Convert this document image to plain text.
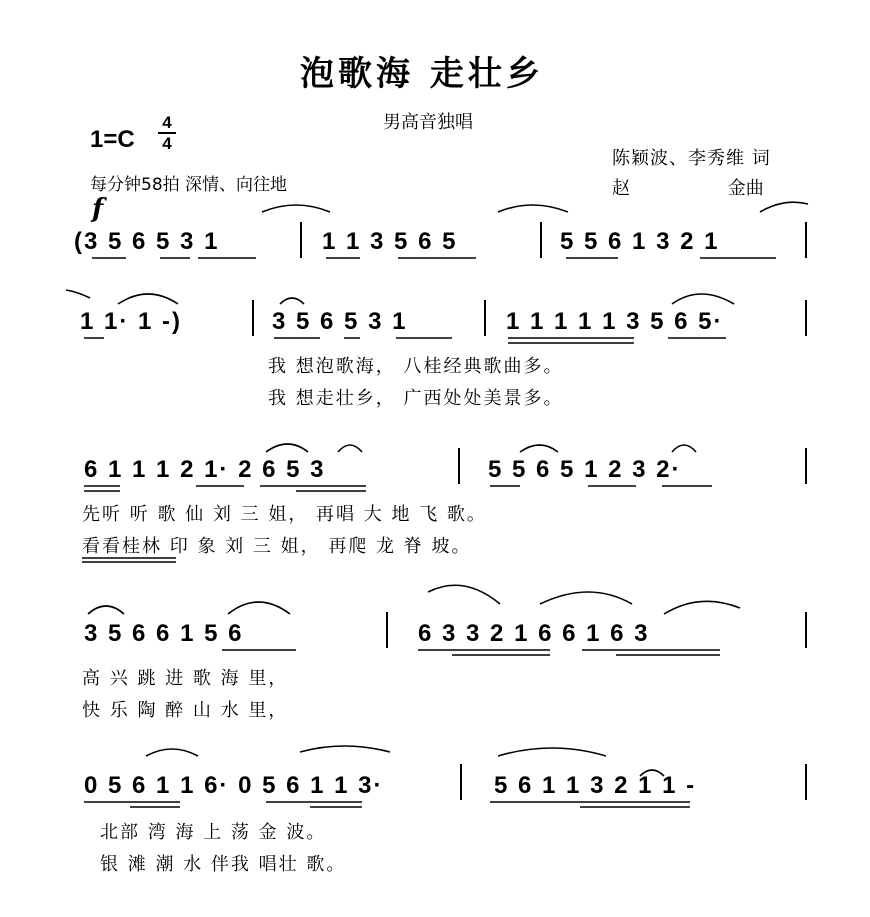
泡歌海 走壮乡
男高音独唱
1=C
4
4
每分钟58拍 深情、向往地
陈颖波、李秀维 词
赵 金曲
f
(3 5 6 5 3 1	1 1 3 5 6 5	5 5 6 1 3 2 1
1 1· 1 -)	3 5 6 5 3 1	1 1 1 1 1 3 5 6 5·
我 想泡歌海， 八桂经典歌曲多。
我 想走壮乡， 广西处处美景多。
6 1 1 1 2 1· 2 6 5 3	5 5 6 5 1 2 3 2·
先听 听 歌 仙 刘 三 姐， 再唱 大 地 飞 歌。
看看桂林 印 象 刘 三 姐， 再爬 龙 脊 坡。
3 5 6 6 1 5 6	6 3 3 2 1 6 6 1 6 3
高 兴 跳 进 歌 海 里，
快 乐 陶 醉 山 水 里，
0 5 6 1 1 6· 0 5 6 1 1 3·	5 6 1 1 3 2 1 1 -
北部 湾 海 上 荡 金 波。
银 滩 潮 水 伴我 唱壮 歌。
